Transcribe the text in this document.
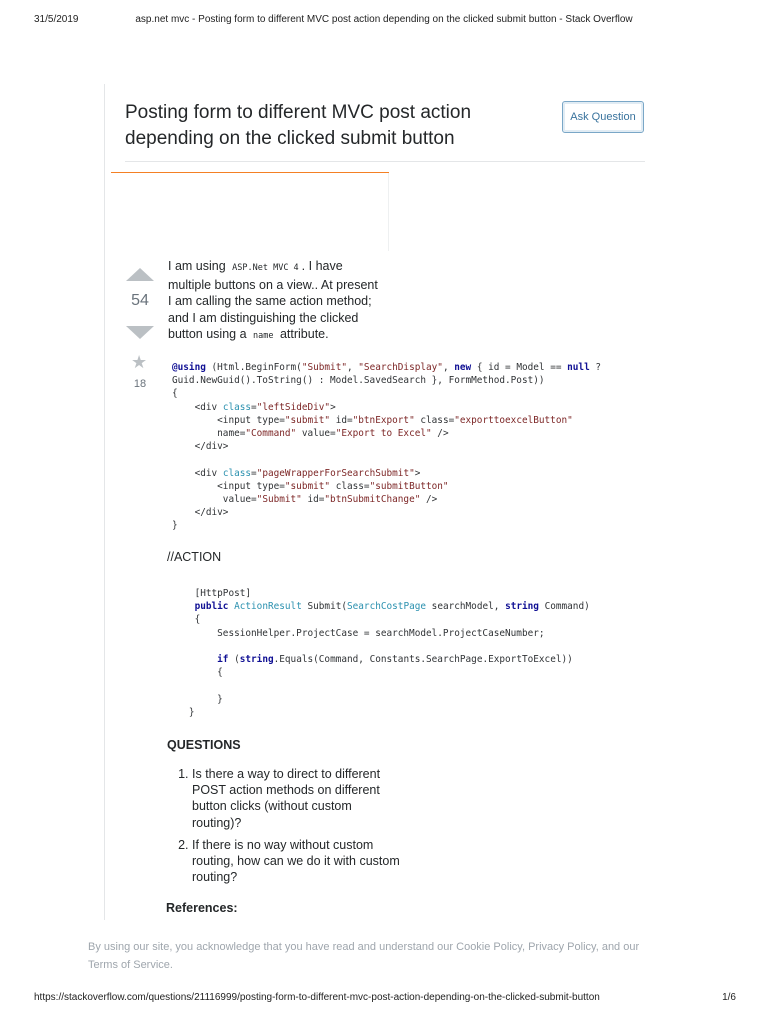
31/5/2019	asp.net mvc - Posting form to different MVC post action depending on the clicked submit button - Stack Overflow
Posting form to different MVC post action depending on the clicked submit button
Ask Question
54
★
18
I am using ASP.Net MVC 4 . I have multiple buttons on a view.. At present I am calling the same action method; and I am distinguishing the clicked button using a name attribute.
@using (Html.BeginForm("Submit", "SearchDisplay", new { id = Model == null ?
Guid.NewGuid().ToString() : Model.SavedSearch }, FormMethod.Post))
{
<div class="leftSideDiv">
<input type="submit" id="btnExport" class="exporttoexcelButton"
name="Command" value="Export to Excel" />
</div>

<div class="pageWrapperForSearchSubmit">
<input type="submit" class="submitButton"
value="Submit" id="btnSubmitChange" />
</div>
}
//ACTION
[HttpPost]
public ActionResult Submit(SearchCostPage searchModel, string Command)
{
SessionHelper.ProjectCase = searchModel.ProjectCaseNumber;

if (string.Equals(Command, Constants.SearchPage.ExportToExcel))
{

}
}
QUESTIONS
1. Is there a way to direct to different POST action methods on different button clicks (without custom routing)?
2. If there is no way without custom routing, how can we do it with custom routing?
References:
By using our site, you acknowledge that you have read and understand our Cookie Policy, Privacy Policy, and our Terms of Service.
https://stackoverflow.com/questions/21116999/posting-form-to-different-mvc-post-action-depending-on-the-clicked-submit-button	1/6
